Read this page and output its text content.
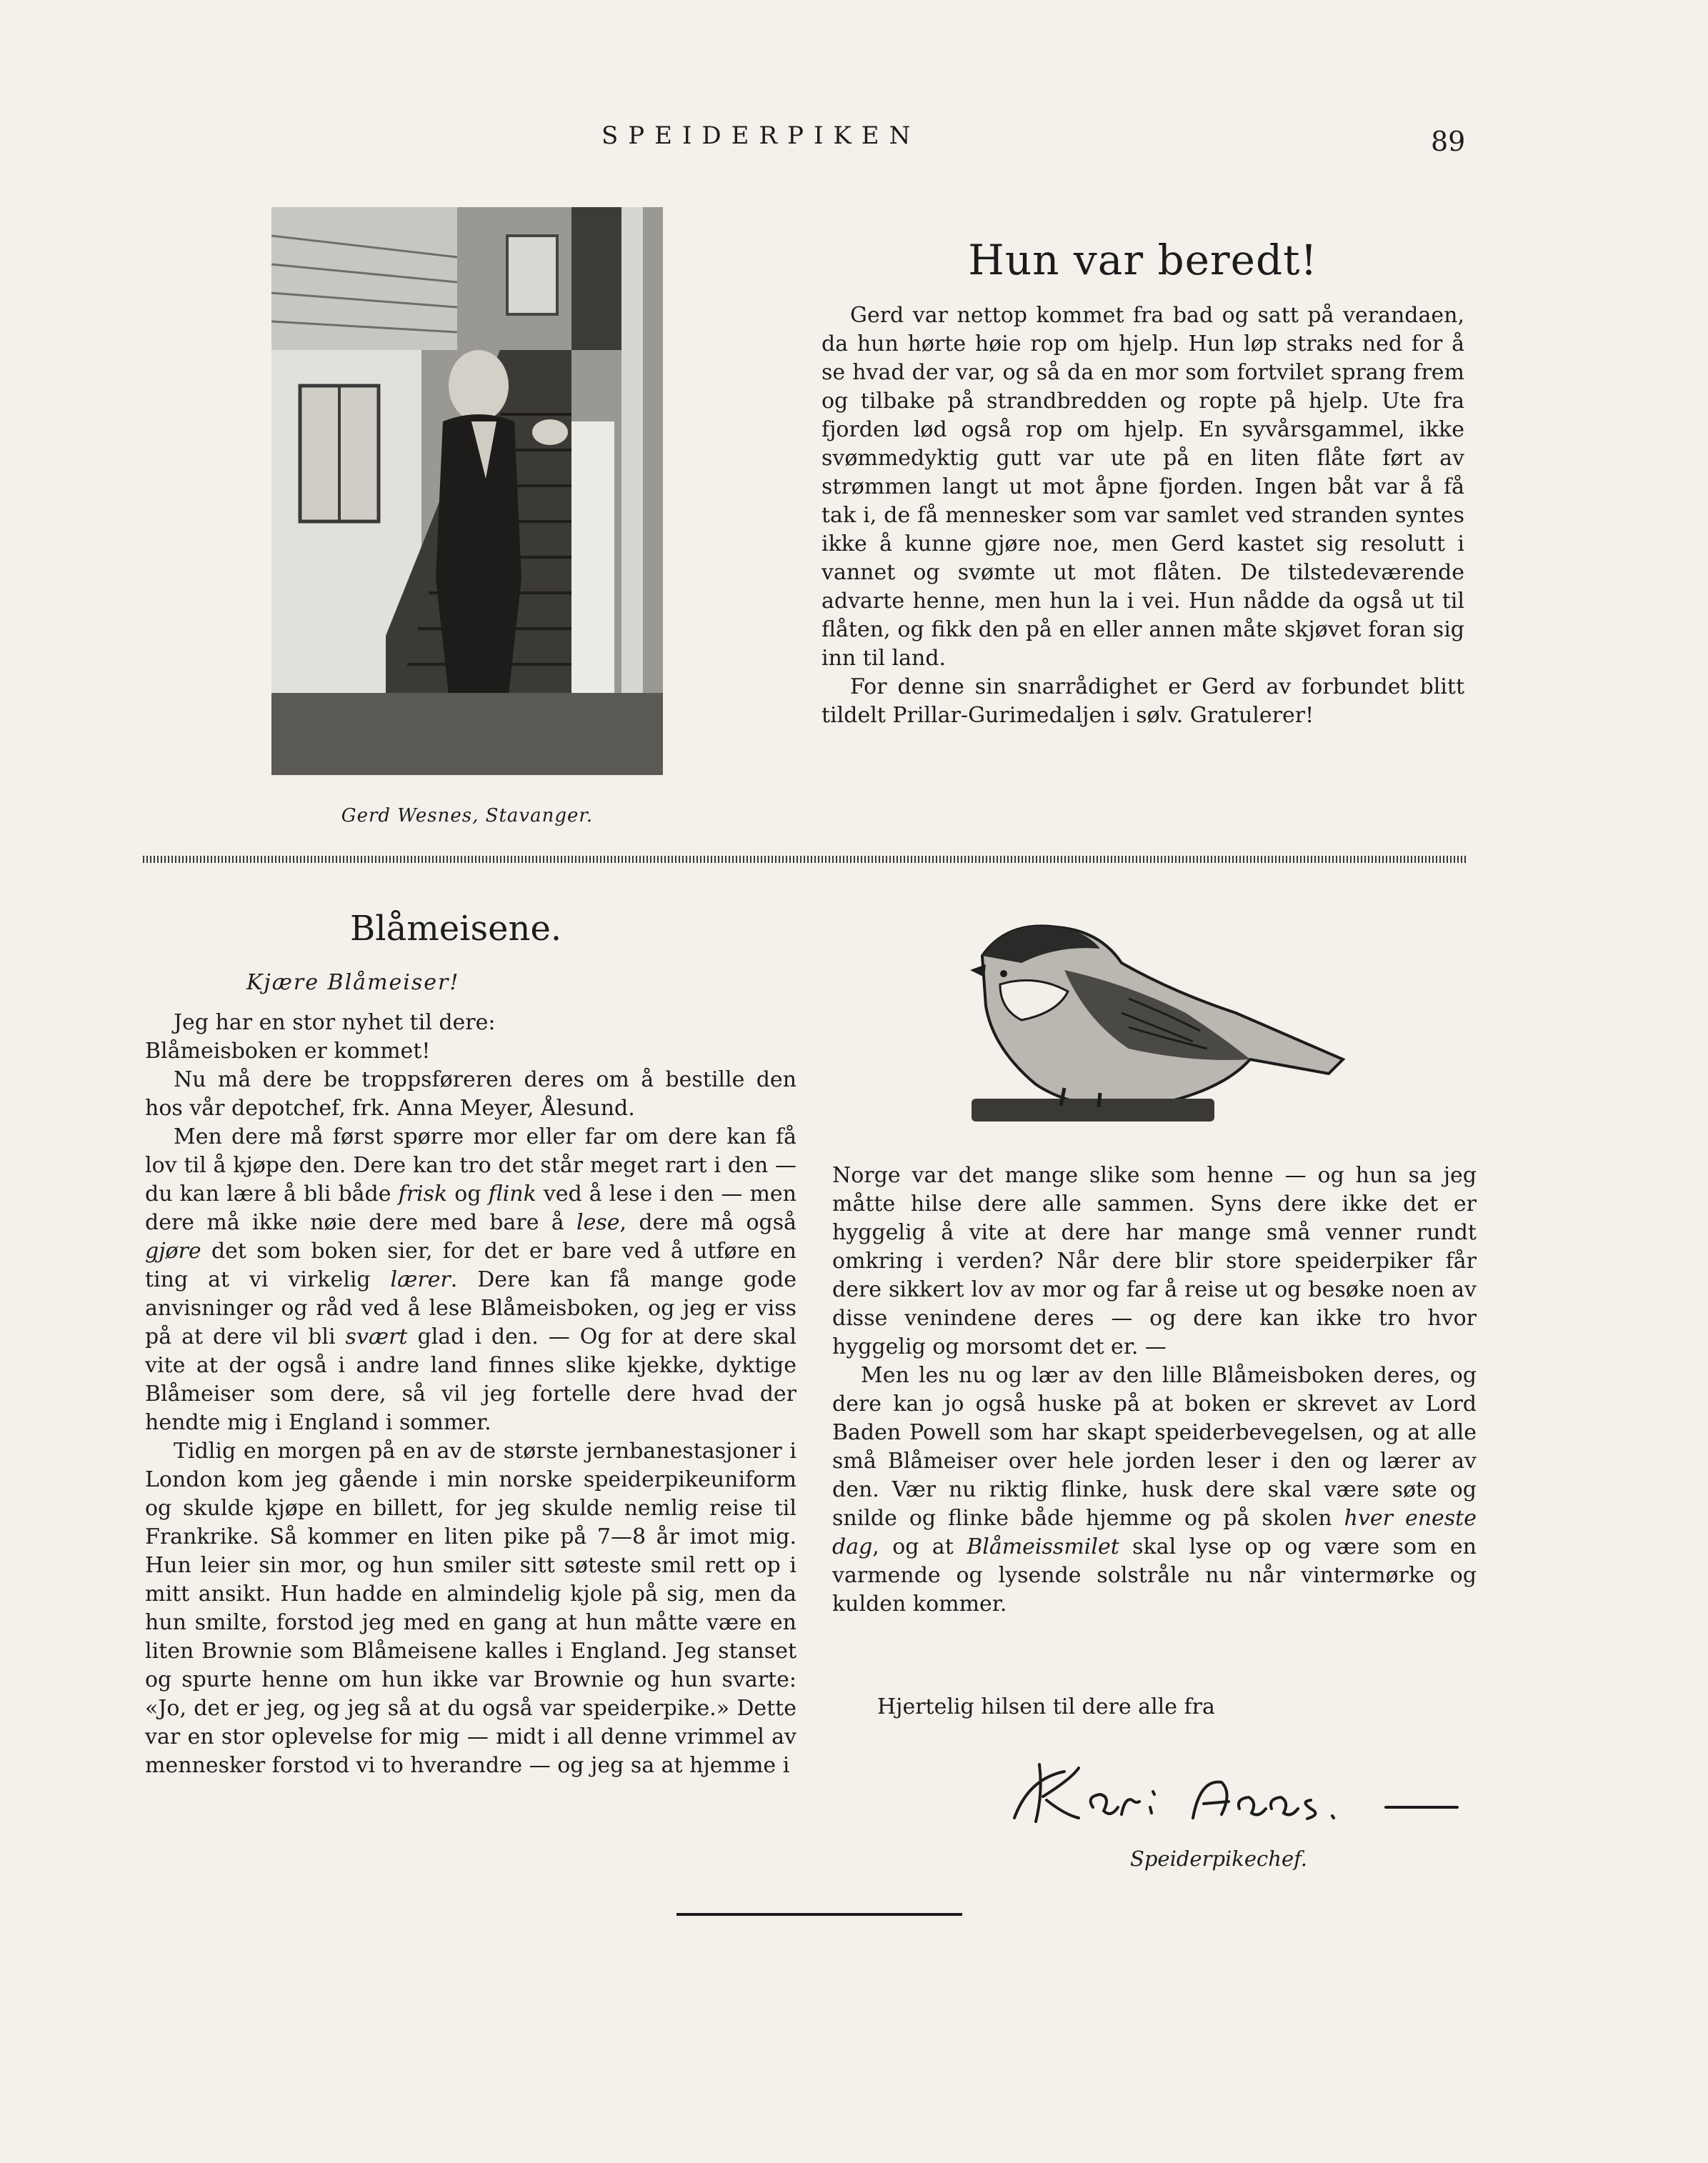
SPEIDERPIKEN	89
Gerd Wesnes, Stavanger.
Hun var beredt!

Gerd var nettop kommet fra bad og satt på verandaen, da hun hørte høie rop om hjelp. Hun løp straks ned for å se hvad der var, og så da en mor som fortvilet sprang frem og tilbake på strandbredden og ropte på hjelp. Ute fra fjorden lød også rop om hjelp. En syvårsgammel, ikke svømmedyktig gutt var ute på en liten flåte ført av strømmen langt ut mot åpne fjorden. Ingen båt var å få tak i, de få mennesker som var samlet ved stranden syntes ikke å kunne gjøre noe, men Gerd kastet sig resolutt i vannet og svømte ut mot flåten. De tilstedeværende advarte henne, men hun la i vei. Hun nådde da også ut til flåten, og fikk den på en eller annen måte skjøvet foran sig inn til land.

For denne sin snarrådighet er Gerd av forbundet blitt tildelt Prillar-Gurimedaljen i sølv. Gratulerer!

Blåmeisene.
Kjære Blåmeiser!

Jeg har en stor nyhet til dere:

Blåmeisboken er kommet!

Nu må dere be troppsføreren deres om å bestille den hos vår depotchef, frk. Anna Meyer, Ålesund.

Men dere må først spørre mor eller far om dere kan få lov til å kjøpe den. Dere kan tro det står meget rart i den — du kan lære å bli både frisk og flink ved å lese i den — men dere må ikke nøie dere med bare å lese, dere må også gjøre det som boken sier, for det er bare ved å utføre en ting at vi virkelig lærer. Dere kan få mange gode anvisninger og råd ved å lese Blåmeisboken, og jeg er viss på at dere vil bli svært glad i den. — Og for at dere skal vite at der også i andre land finnes slike kjekke, dyktige Blåmeiser som dere, så vil jeg fortelle dere hvad der hendte mig i England i sommer.

Tidlig en morgen på en av de største jernbanestasjoner i London kom jeg gående i min norske speiderpikeuniform og skulde kjøpe en billett, for jeg skulde nemlig reise til Frankrike. Så kommer en liten pike på 7—8 år imot mig. Hun leier sin mor, og hun smiler sitt søteste smil rett op i mitt ansikt. Hun hadde en almindelig kjole på sig, men da hun smilte, forstod jeg med en gang at hun måtte være en liten Brownie som Blåmeisene kalles i England. Jeg stanset og spurte henne om hun ikke var Brownie og hun svarte: «Jo, det er jeg, og jeg så at du også var speiderpike.» Dette var en stor oplevelse for mig — midt i all denne vrimmel av mennesker forstod vi to hverandre — og jeg sa at hjemme i

Norge var det mange slike som henne — og hun sa jeg måtte hilse dere alle sammen. Syns dere ikke det er hyggelig å vite at dere har mange små venner rundt omkring i verden? Når dere blir store speiderpiker får dere sikkert lov av mor og far å reise ut og besøke noen av disse venindene deres — og dere kan ikke tro hvor hyggelig og morsomt det er. —

Men les nu og lær av den lille Blåmeisboken deres, og dere kan jo også huske på at boken er skrevet av Lord Baden Powell som har skapt speiderbevegelsen, og at alle små Blåmeiser over hele jorden leser i den og lærer av den. Vær nu riktig flinke, husk dere skal være søte og snilde og flinke både hjemme og på skolen hver eneste dag, og at Blåmeissmilet skal lyse op og være som en varmende og lysende solstråle nu når vintermørke og kulden kommer.

Hjertelig hilsen til dere alle fra
Speiderpikechef.
